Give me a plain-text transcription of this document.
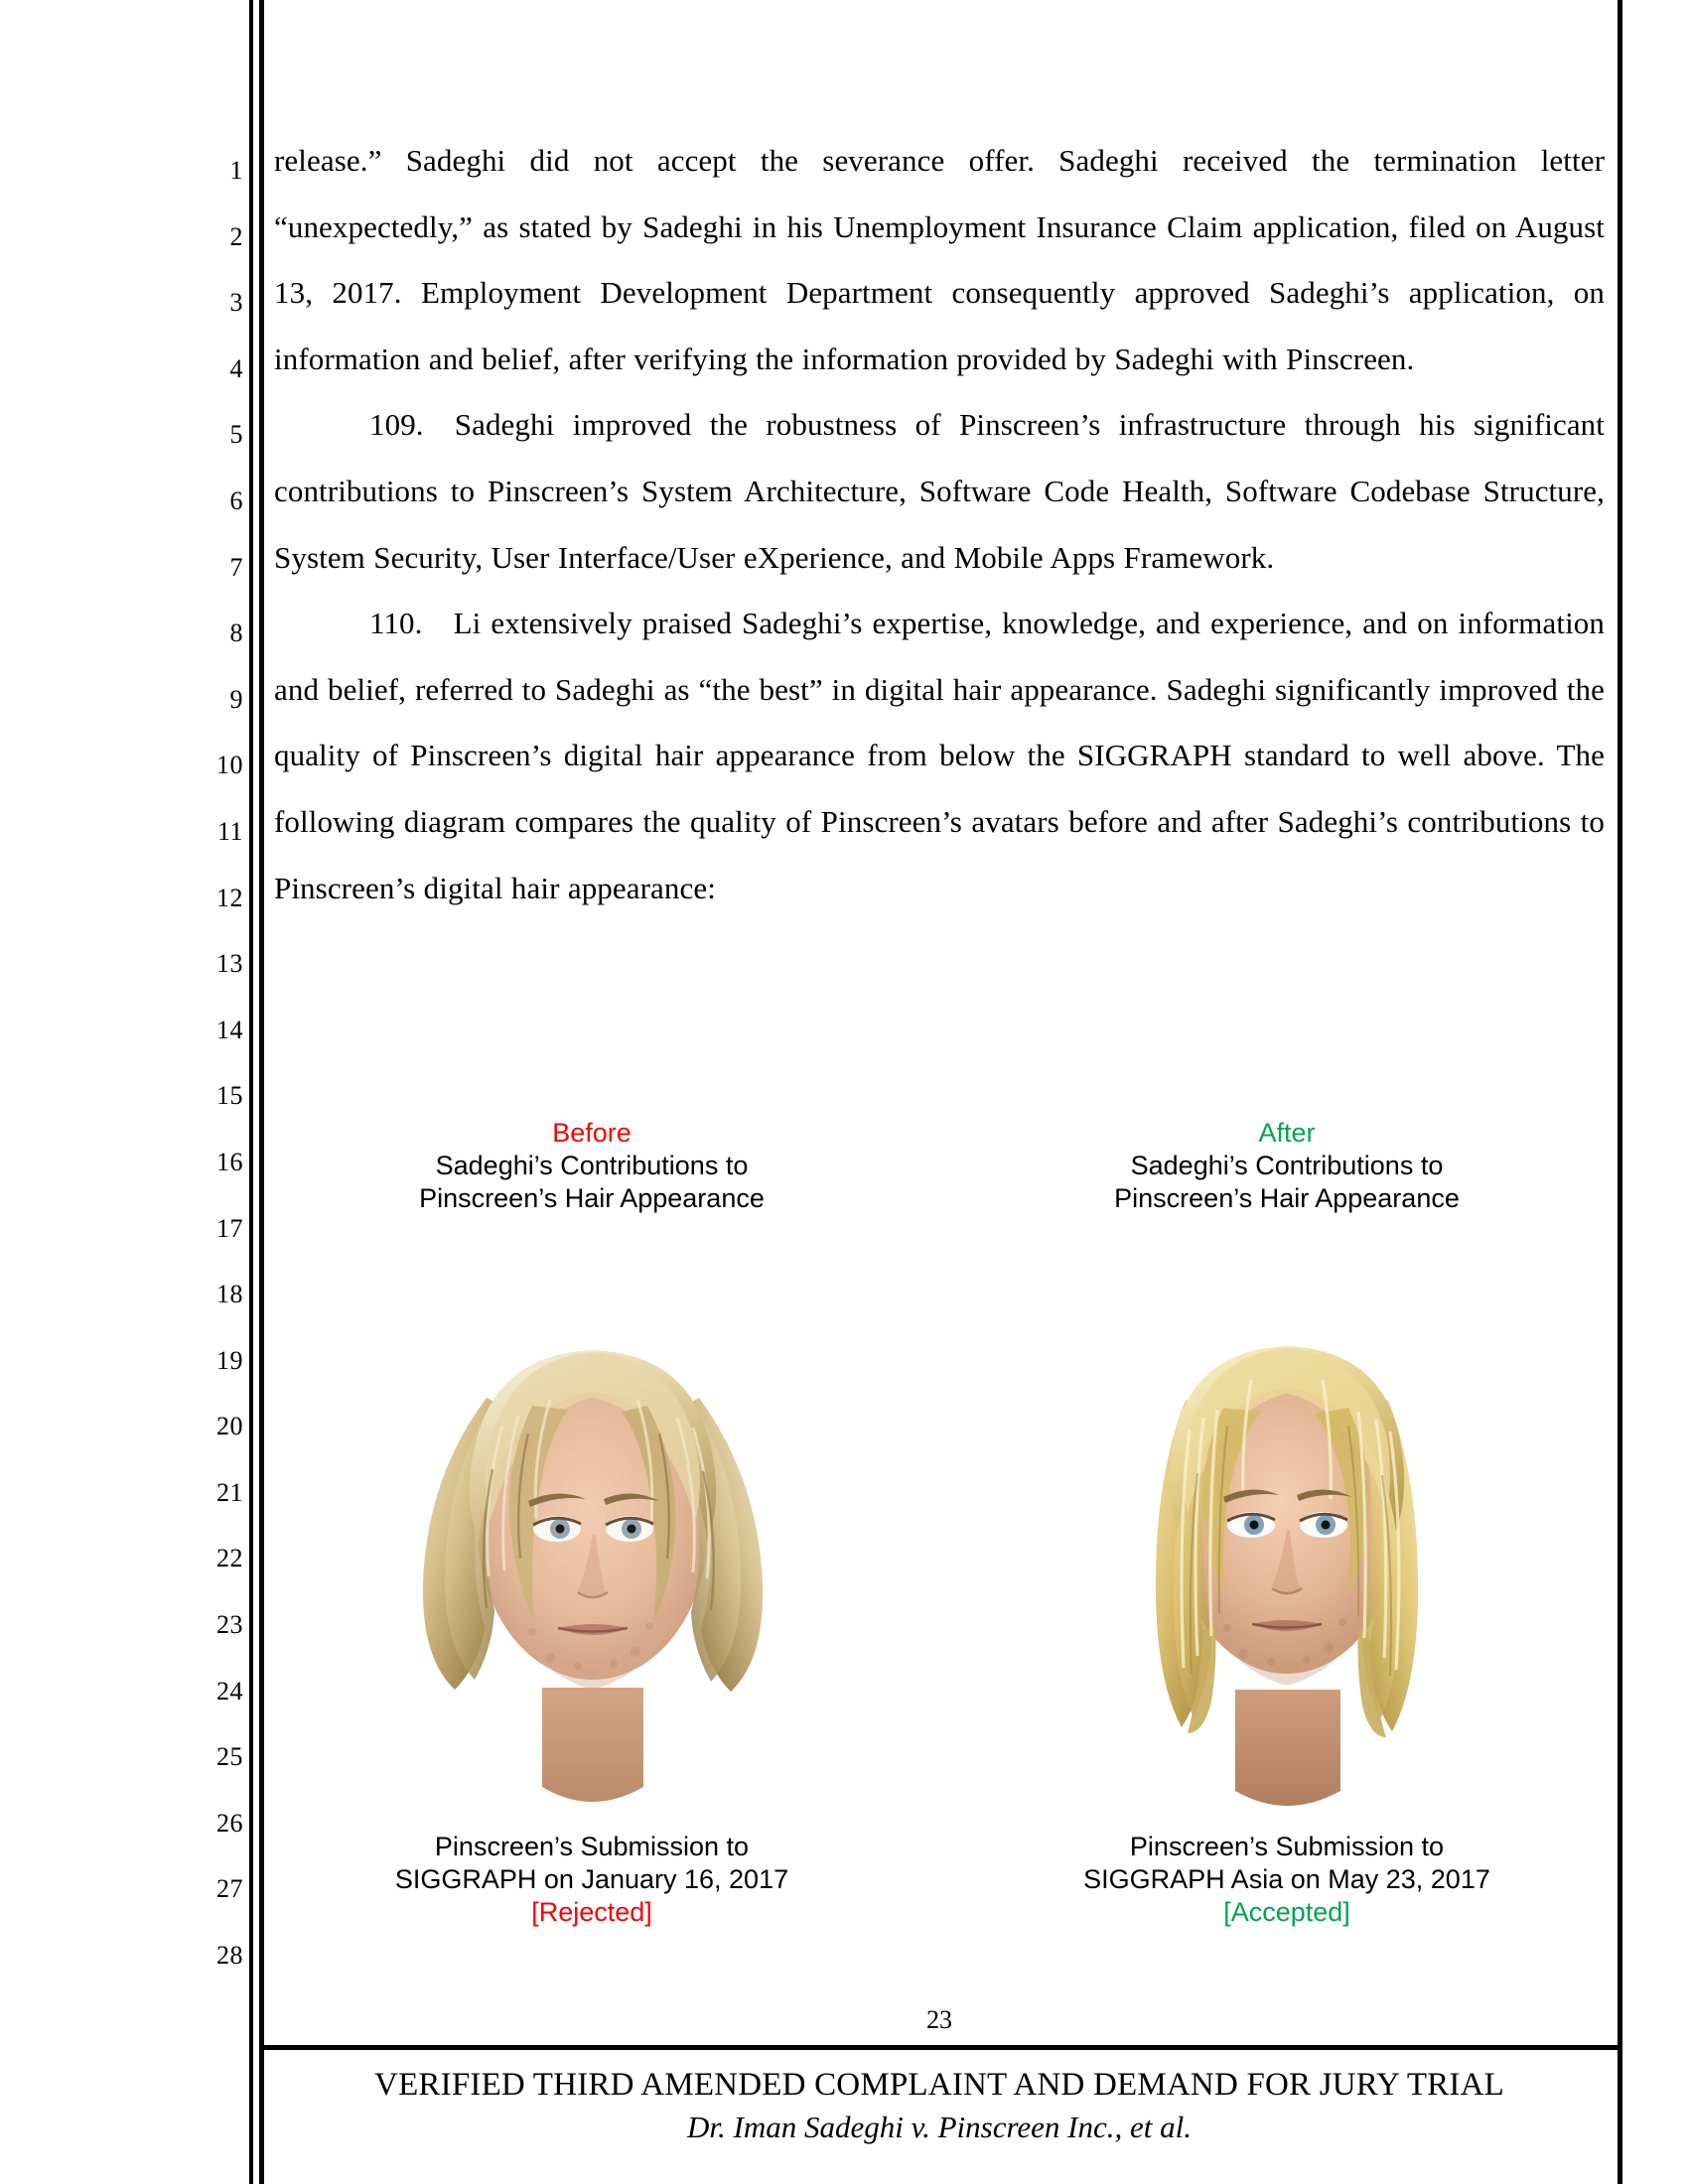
1
2
3
4
5
6
7
8
9
10
11
12
13
14
15
16
17
18
19
20
21
22
23
24
25
26
27
28

release.” Sadeghi did not accept the severance offer. Sadeghi received the termination letter “unexpectedly,” as stated by Sadeghi in his Unemployment Insurance Claim application, filed on August 13, 2017. Employment Development Department consequently approved Sadeghi’s application, on information and belief, after verifying the information provided by Sadeghi with Pinscreen.

109. Sadeghi improved the robustness of Pinscreen’s infrastructure through his significant contributions to Pinscreen’s System Architecture, Software Code Health, Software Codebase Structure, System Security, User Interface/User eXperience, and Mobile Apps Framework.

110. Li extensively praised Sadeghi’s expertise, knowledge, and experience, and on information and belief, referred to Sadeghi as “the best” in digital hair appearance. Sadeghi significantly improved the quality of Pinscreen’s digital hair appearance from below the SIGGRAPH standard to well above. The following diagram compares the quality of Pinscreen’s avatars before and after Sadeghi’s contributions to Pinscreen’s digital hair appearance:

Before
Sadeghi’s Contributions to
Pinscreen’s Hair Appearance
Pinscreen’s Submission to
SIGGRAPH on January 16, 2017
[Rejected]
After
Sadeghi’s Contributions to
Pinscreen’s Hair Appearance
Pinscreen’s Submission to
SIGGRAPH Asia on May 23, 2017
[Accepted]
23
VERIFIED THIRD AMENDED COMPLAINT AND DEMAND FOR JURY TRIAL
Dr. Iman Sadeghi v. Pinscreen Inc., et al.
